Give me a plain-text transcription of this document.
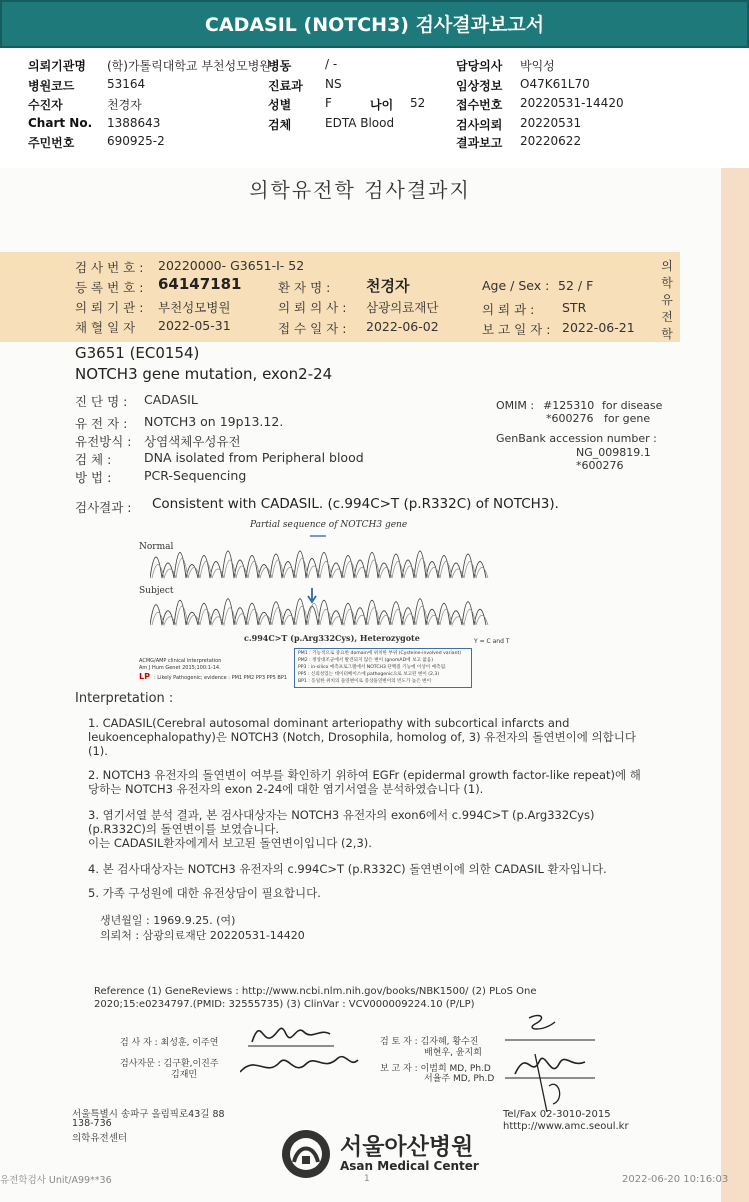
CADASIL (NOTCH3) 검사결과보고서
의뢰기관명 (학)가톨릭대학교 부천성모병원
병원코드	53164
수진자	천경자
Chart No. 1388643
주민번호	690925-2
병동	/ -
진료과 NS
성별	F	나이 52
검체	EDTA Blood
담당의사 박익성
임상정보 O47K61L70
접수번호 20220531-14420
검사의뢰 20220531
결과보고 20220622
의학유전학 검사결과지
의
학
유
전
학
검 사 번 호 : 20220000- G3651-I- 52
등 록 번 호 : 64147181	환 자 명 : 천경자	Age / Sex : 52 / F
의 뢰 기 관 : 부천성모병원	의 뢰 의 사 : 삼광의료재단	의 뢰 과 : STR
채 혈 일 자 2022-05-31	접 수 일 자 : 2022-06-02	보 고 일 자 : 2022-06-21
G3651 (EC0154)
NOTCH3 gene mutation, exon2-24
진 단 명 : CADASIL
유 전 자 : NOTCH3 on 19p13.12.
유전방식 : 상염색체우성유전
검 체 :	DNA isolated from Peripheral blood
방 법 :	PCR-Sequencing
OMIM : #125310 for disease
*600276 for gene
GenBank accession number :
NG_009819.1
*600276
검사결과 : Consistent with CADASIL. (c.994C>T (p.R332C) of NOTCH3).
Partial sequence of NOTCH3 gene
Normal
Subject
c.994C>T (p.Arg332Cys), Heterozygote	Y = C and T
ACMG/AMP clinical interpretation
Am J Hum Genet 2015;100:1-14.
LP : Likely Pathogenic; evidence : PM1 PM2 PP3 PP5 BP1
PM1 : 기능적으로 중요한 domain에 위치한 부위 (Cysteine-involved variant)
PM2 : 정상대조군에서 발견되지 않은 변이 (gnomAD에 보고 없음)
PP3 : in-silico 예측프로그램에서 NOTCH3 단백질 기능에 이상이 예측됨.
PP5 : 신뢰성있는 데이터베이스에 pathogenic으로 보고된 변이 (2,3)
BP1 : 동일한 위치의 돌연변이로 증상돌연변이의 빈도가 높은 변이
Interpretation :
1. CADASIL(Cerebral autosomal dominant arteriopathy with subcortical infarcts and leukoencephalopathy)은 NOTCH3 (Notch, Drosophila, homolog of, 3) 유전자의 돌연변이에 의합니다 (1).
2. NOTCH3 유전자의 돌연변이 여부를 확인하기 위하여 EGFr (epidermal growth factor-like repeat)에 해당하는 NOTCH3 유전자의 exon 2-24에 대한 염기서열을 분석하였습니다 (1).
3. 염기서열 분석 결과, 본 검사대상자는 NOTCH3 유전자의 exon6에서 c.994C>T (p.Arg332Cys) (p.R332C)의 돌연변이를 보였습니다.
이는 CADASIL환자에게서 보고된 돌연변이입니다 (2,3).
4. 본 검사대상자는 NOTCH3 유전자의 c.994C>T (p.R332C) 돌연변이에 의한 CADASIL 환자입니다.
5. 가족 구성원에 대한 유전상담이 필요합니다.
생년월일 : 1969.9.25. (여)
의뢰처 : 삼광의료재단 20220531-14420
Reference (1) GeneReviews : http://www.ncbi.nlm.nih.gov/books/NBK1500/ (2) PLoS One
2020;15:e0234797.(PMID: 32555735) (3) ClinVar : VCV000009224.10 (P/LP)
검 사 자 : 최성훈, 이주연
검사자문 : 김구환,이진주
김재민
검 토 자 : 김자혜, 황수진
배현우, 윤지희
보 고 자 : 이범희 MD, Ph.D
서율주 MD, Ph.D
서울특별시 송파구 올림픽로43길 88
138-736
의학유전센터
Tel/Fax 02-3010-2015
htttp://www.amc.seoul.kr
서울아산병원
Asan Medical Center
유전학검사 Unit/A99**36	1	2022-06-20 10:16:03
